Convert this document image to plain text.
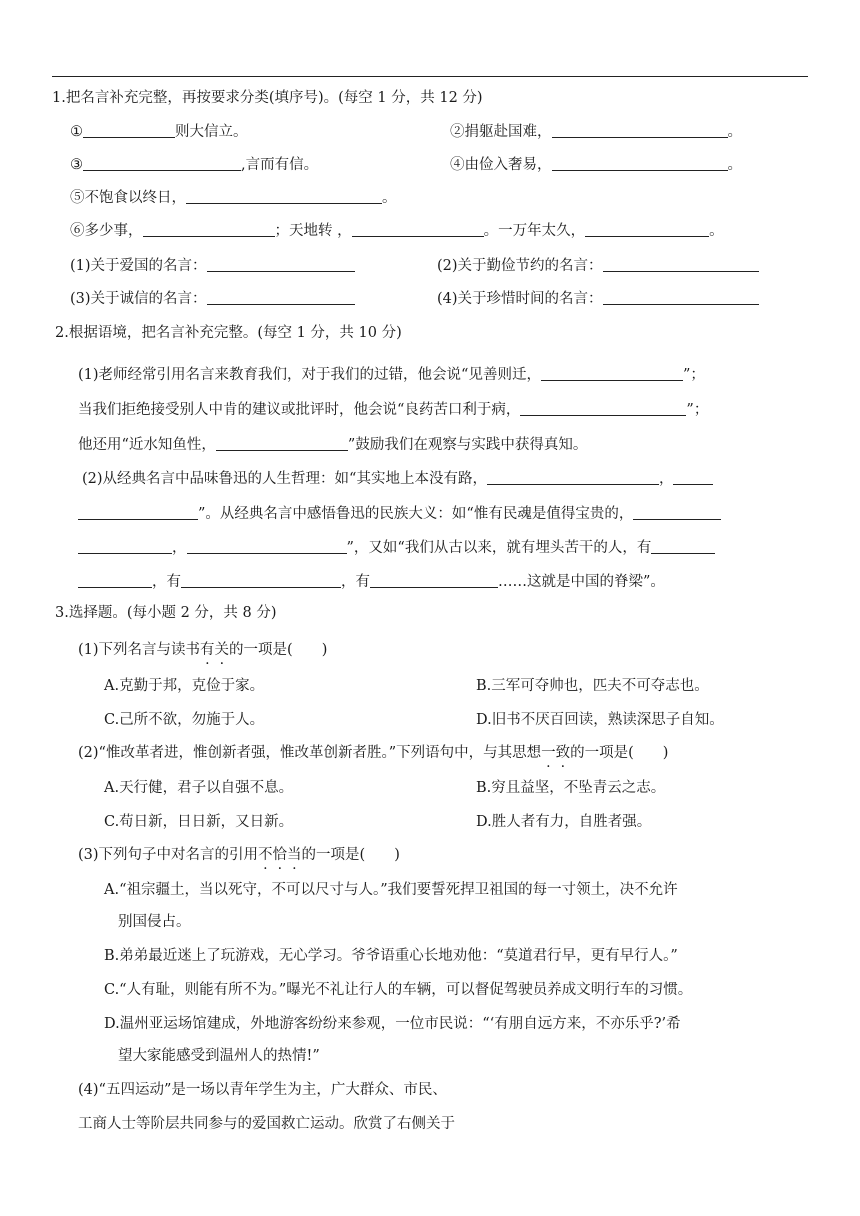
1.把名言补充完整，再按要求分类(填序号)。(每空 1 分，共 12 分)
①	则大信立。	②捐躯赴国难，	。
③	,言而有信。	④由俭入奢易，	。
⑤不饱食以终日，	。
⑥多少事，	；天地转 ，	。一万年太久，	。
(1)关于爱国的名言：	(2)关于勤俭节约的名言：
(3)关于诚信的名言：	(4)关于珍惜时间的名言：
2.根据语境，把名言补充完整。(每空 1 分，共 10 分)
(1)老师经常引用名言来教育我们，对于我们的过错，他会说“见善则迁，	”；
当我们拒绝接受别人中肯的建议或批评时，他会说“良药苦口利于病，	”；
他还用“近水知鱼性，	”鼓励我们在观察与实践中获得真知。
(2)从经典名言中品味鲁迅的人生哲理：如“其实地上本没有路，	，
”。从经典名言中感悟鲁迅的民族大义：如“惟有民魂是值得宝贵的，
，	”，又如“我们从古以来，就有埋头苦干的人，有
，有	，有	……这就是中国的脊梁”。
3.选择题。(每小题 2 分，共 8 分)
(1)下列名言与读书有关的一项是(　　)
A.克勤于邦，克俭于家。	B.三军可夺帅也，匹夫不可夺志也。
C.己所不欲，勿施于人。	D.旧书不厌百回读，熟读深思子自知。
(2)“惟改革者进，惟创新者强，惟改革创新者胜。”下列语句中，与其思想一致的一项是(　　)
A.天行健，君子以自强不息。	B.穷且益坚，不坠青云之志。
C.苟日新，日日新，又日新。	D.胜人者有力，自胜者强。
(3)下列句子中对名言的引用不恰当的一项是(　　)
A.“祖宗疆土，当以死守，不可以尺寸与人。”我们要誓死捍卫祖国的每一寸领土，决不允许
别国侵占。
B.弟弟最近迷上了玩游戏，无心学习。爷爷语重心长地劝他：“莫道君行早，更有早行人。”
C.“人有耻，则能有所不为。”曝光不礼让行人的车辆，可以督促驾驶员养成文明行车的习惯。
D.温州亚运场馆建成，外地游客纷纷来参观，一位市民说：“‘有朋自远方来，不亦乐乎?’希
望大家能感受到温州人的热情!”
(4)“五四运动”是一场以青年学生为主，广大群众、市民、
工商人士等阶层共同参与的爱国救亡运动。欣赏了右侧关于
